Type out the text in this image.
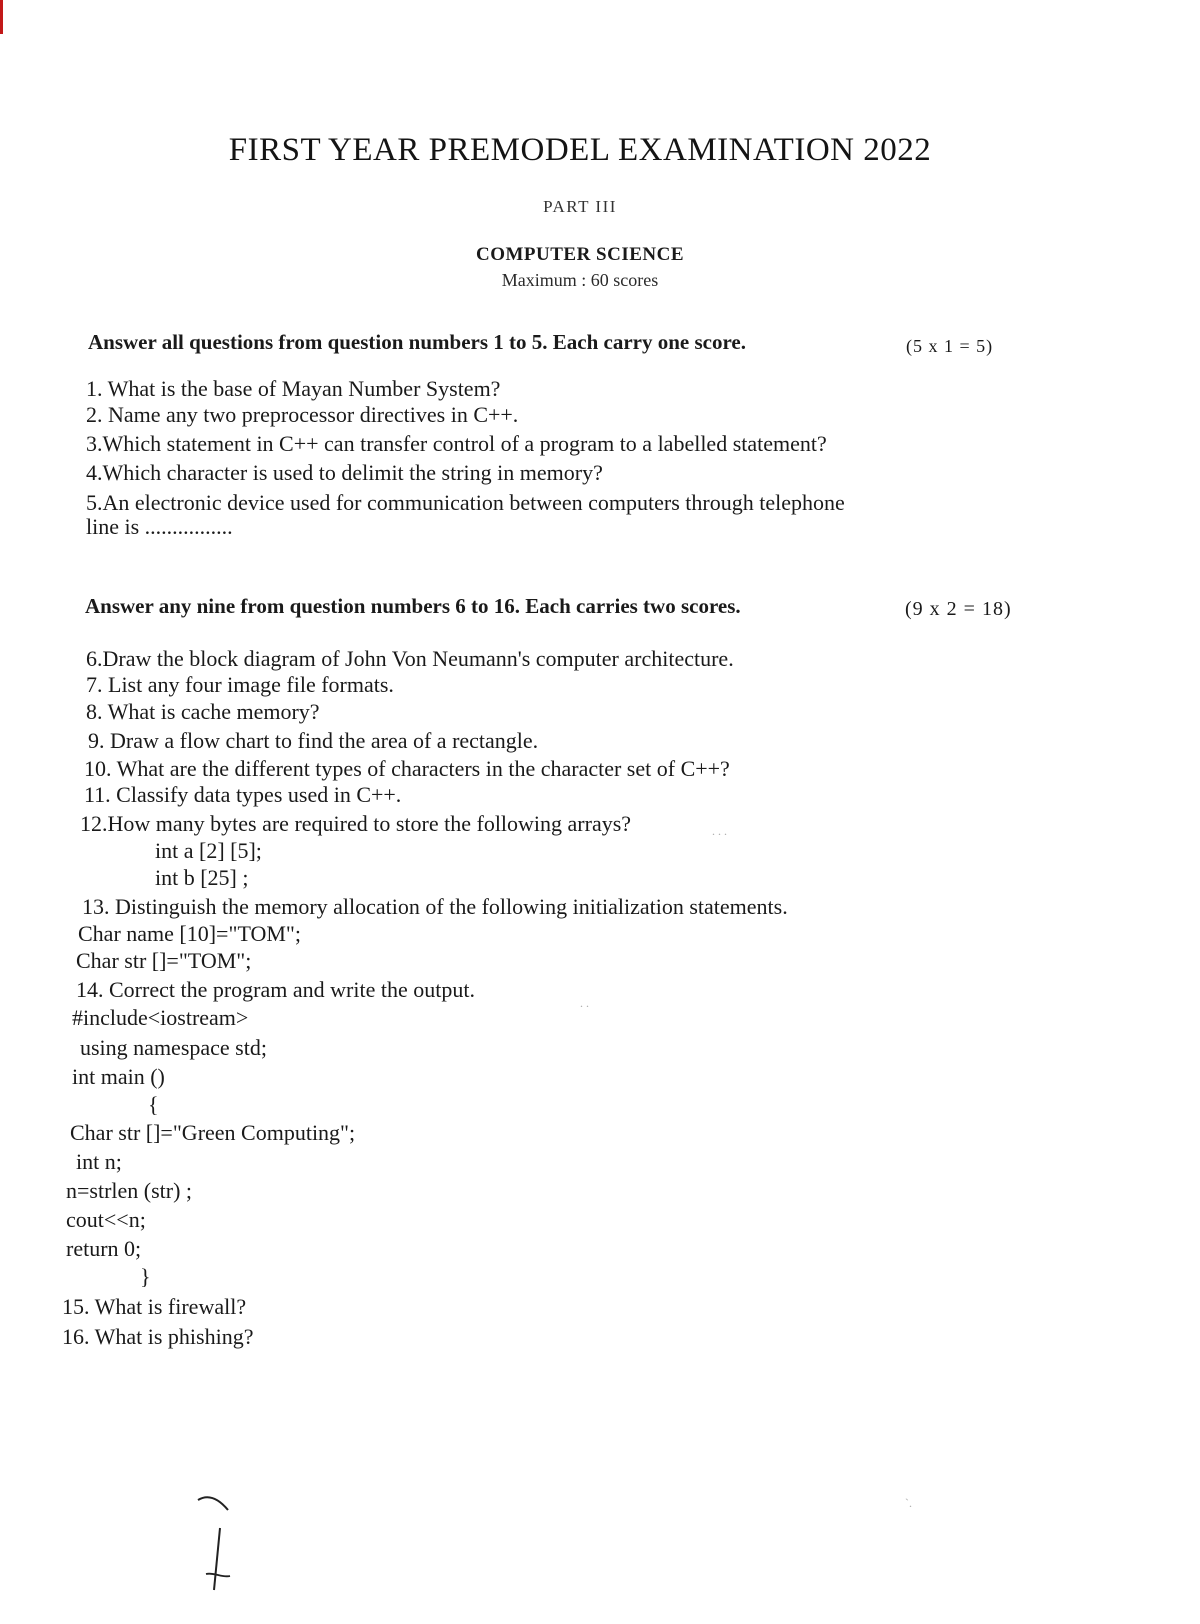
FIRST YEAR PREMODEL EXAMINATION 2022
PART III
COMPUTER SCIENCE
Maximum : 60 scores
Answer all questions from question numbers 1 to 5. Each carry one score.	(5 x 1 = 5)
1. What is the base of Mayan Number System?
2. Name any two preprocessor directives in C++.
3.Which statement in C++ can transfer control of a program to a labelled statement?
4.Which character is used to delimit the string in memory?
5.An electronic device used for communication between computers through telephone
line is ................
Answer any nine from question numbers 6 to 16. Each carries two scores.	(9 x 2 = 18)
6.Draw the block diagram of John Von Neumann's computer architecture.
7. List any four image file formats.
8. What is cache memory?
9. Draw a flow chart to find the area of a rectangle.
10. What are the different types of characters in the character set of C++?
11. Classify data types used in C++.
12.How many bytes are required to store the following arrays?
int a [2] [5];
int b [25] ;
13. Distinguish the memory allocation of the following initialization statements.
Char name [10]="TOM";
Char str []="TOM";
14. Correct the program and write the output.
#include<iostream>
using namespace std;
int main ()
{
Char str []="Green Computing";
int n;
n=strlen (str) ;
cout<<n;
return 0;
}
15. What is firewall?
16. What is phishing?
. . .
. .
`.
